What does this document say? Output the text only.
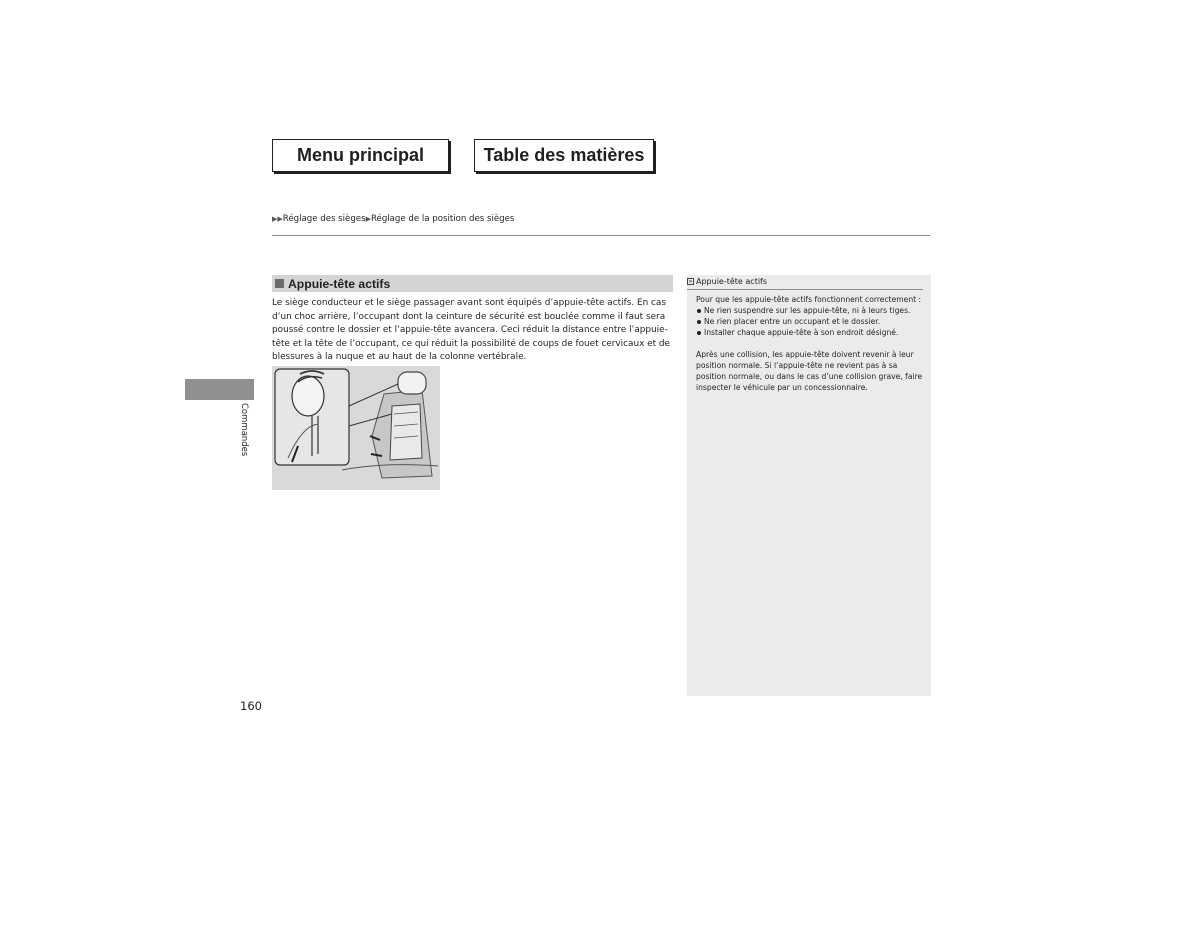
Menu principal	Table des matières
▶▶Réglage des sièges▶Réglage de la position des sièges
Commandes
Appuie-tête actifs

Le siège conducteur et le siège passager avant sont équipés d’appuie-tête actifs. En cas d’un choc arrière, l’occupant dont la ceinture de sécurité est bouclée comme il faut sera poussé contre le dossier et l’appuie-tête avancera. Ceci réduit la distance entre l’appuie-tête et la tête de l’occupant, ce qui réduit la possibilité de coups de fouet cervicaux et de blessures à la nuque et au haut de la colonne vertébrale.

» Appuie-tête actifs

Pour que les appuie-tête actifs fonctionnent correctement :

Ne rien suspendre sur les appuie-tête, ni à leurs tiges.
Ne rien placer entre un occupant et le dossier.
Installer chaque appuie-tête à son endroit désigné.

Après une collision, les appuie-tête doivent revenir à leur position normale. Si l’appuie-tête ne revient pas à sa position normale, ou dans le cas d’une collision grave, faire inspecter le véhicule par un concessionnaire.

160
